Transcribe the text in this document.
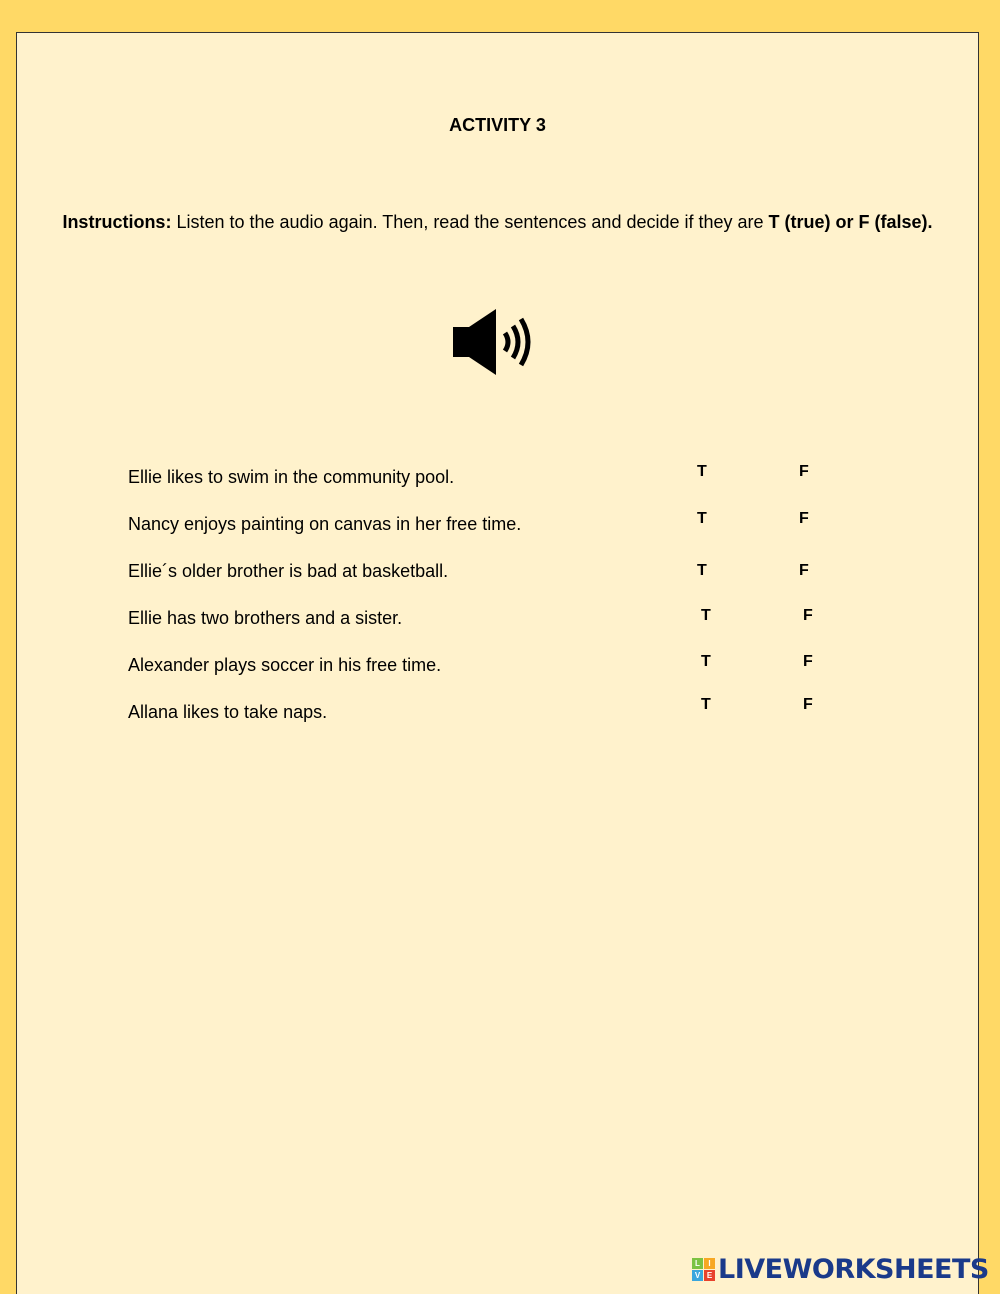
ACTIVITY 3
Instructions: Listen to the audio again. Then, read the sentences and decide if they are T (true) or F (false).
Ellie likes to swim in the community pool.	T	F
Nancy enjoys painting on canvas in her free time.	T	F
Ellie´s older brother is bad at basketball.	T	F
Ellie has two brothers and a sister.	T	F
Alexander plays soccer in his free time.	T	F
Allana likes to take naps.	T	F
L	I
V E LIVEWORKSHEETS
